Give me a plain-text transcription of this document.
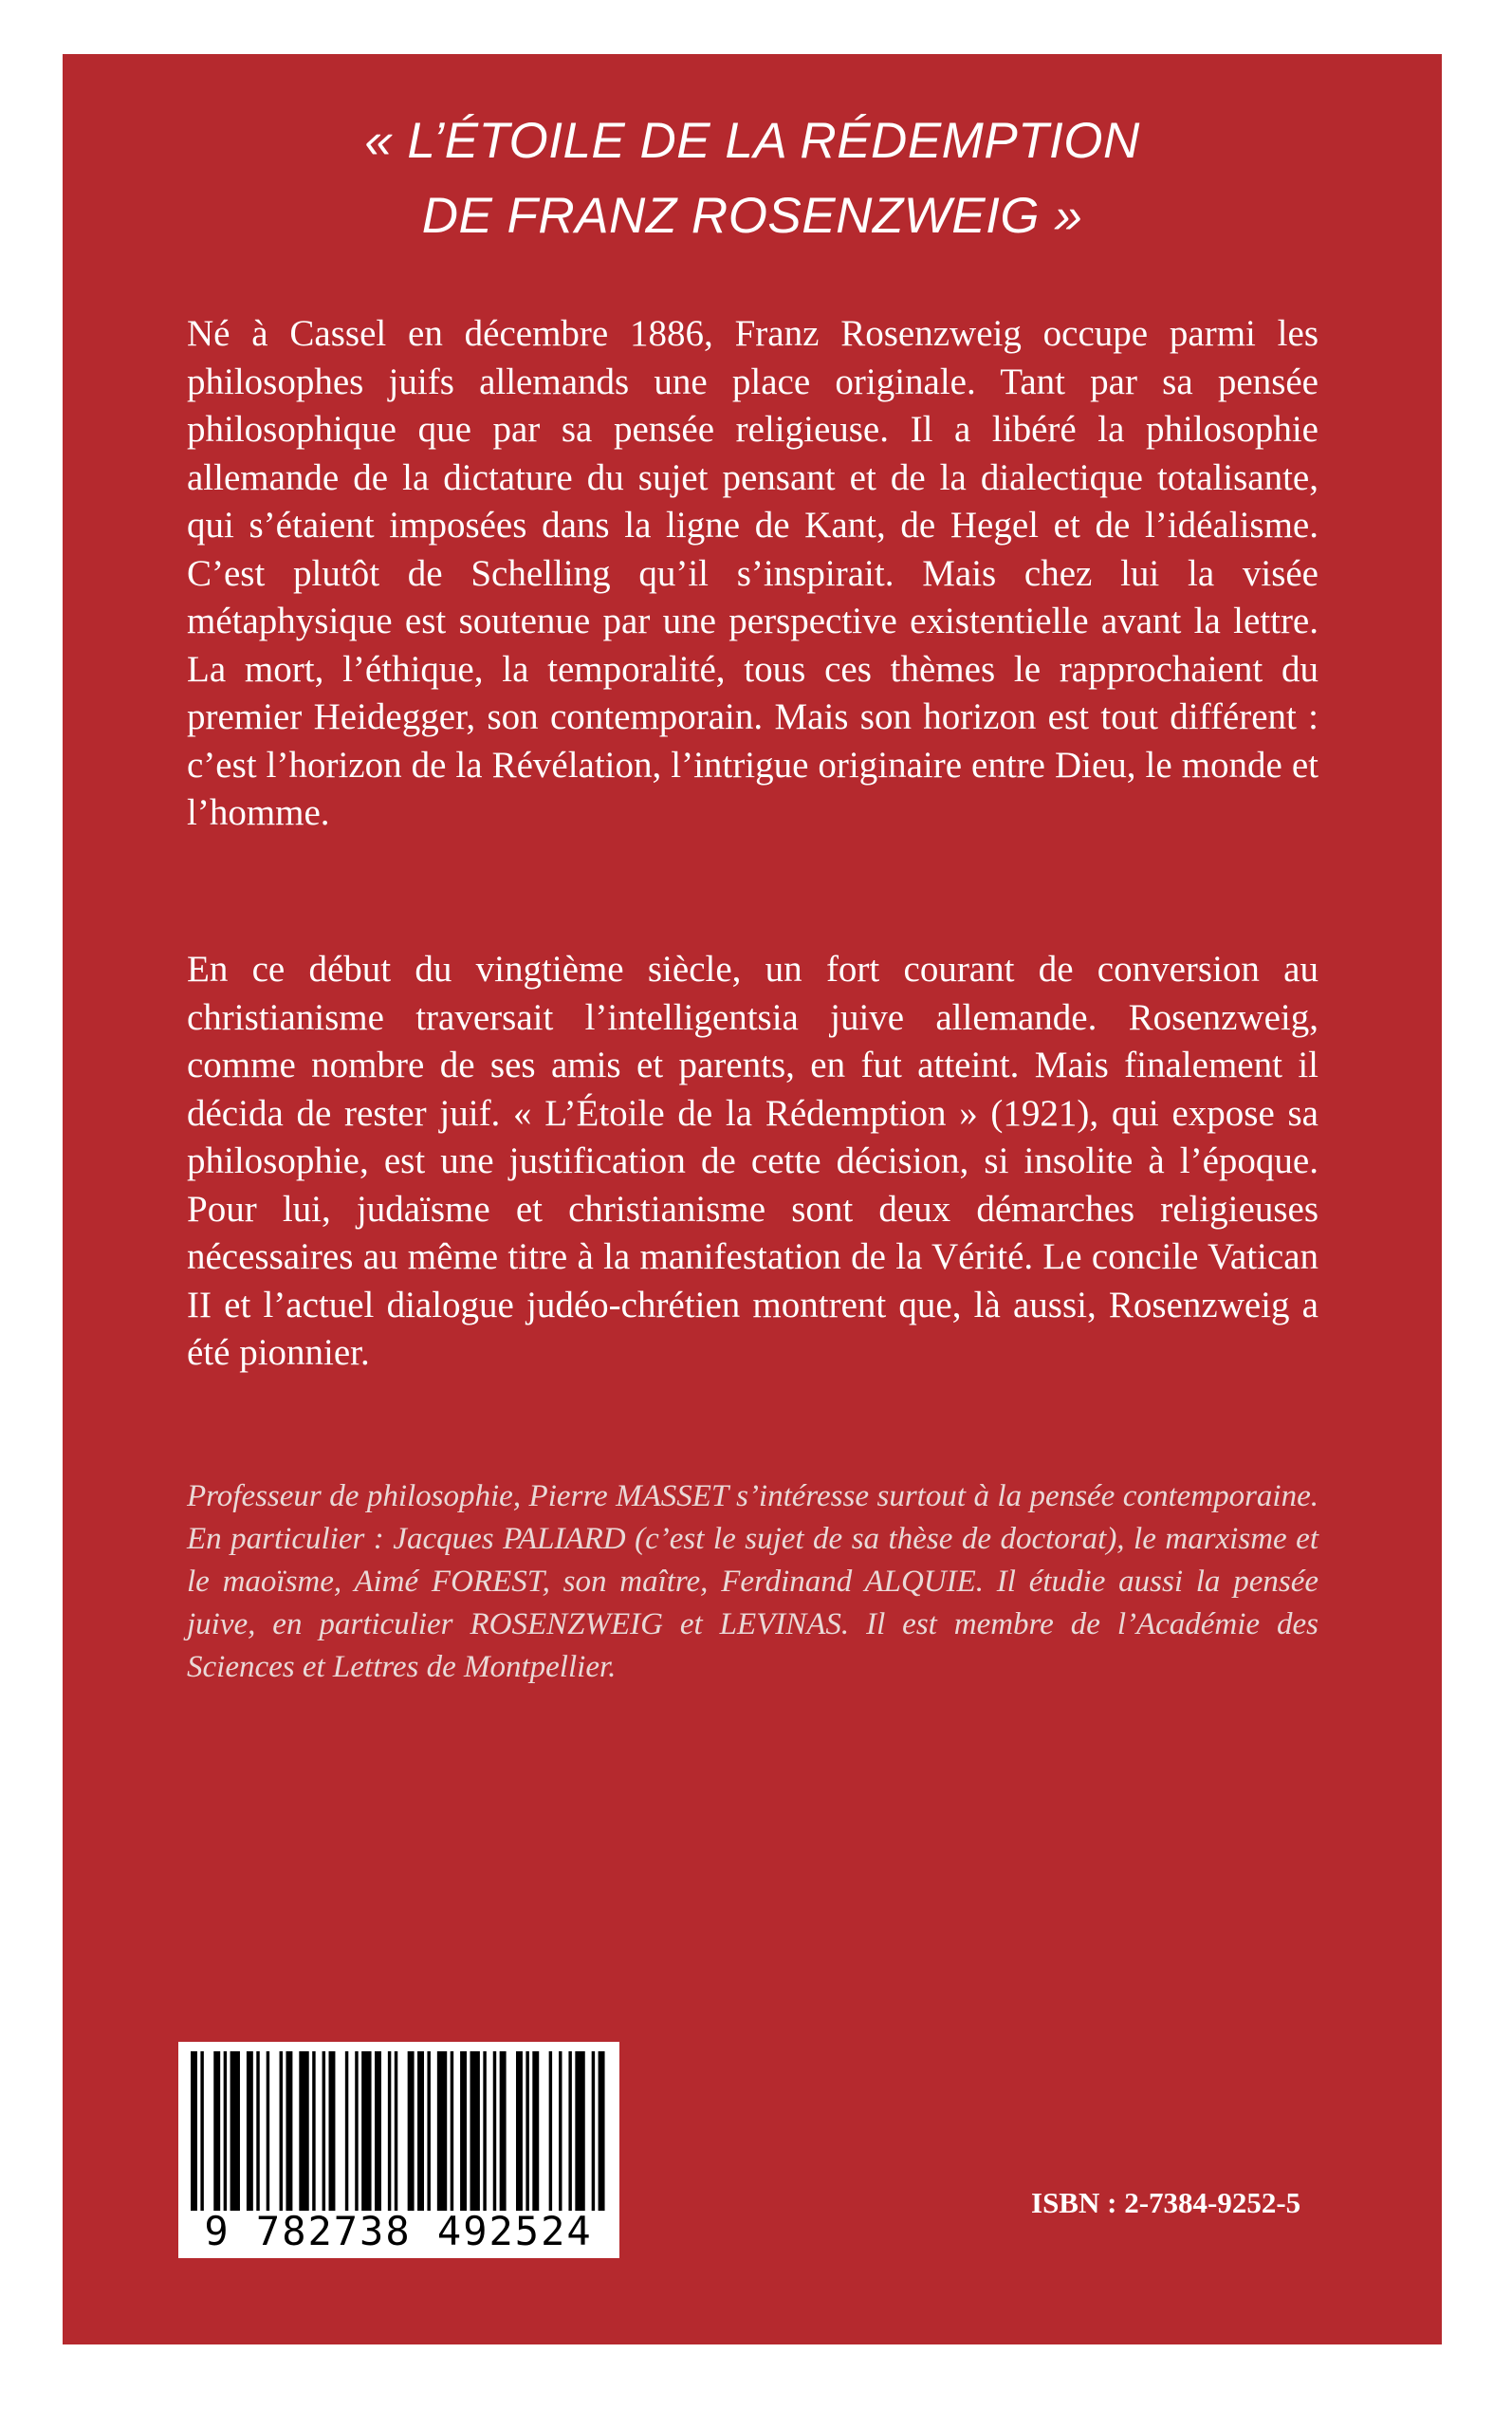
« L’ÉTOILE DE LA RÉDEMPTION
DE FRANZ ROSENZWEIG »

Né à Cassel en décembre 1886, Franz Rosenzweig occupe parmi les philosophes juifs allemands une place originale. Tant par sa pensée philosophique que par sa pensée religieuse. Il a libéré la philosophie allemande de la dictature du sujet pensant et de la dialectique totalisante, qui s’étaient imposées dans la ligne de Kant, de Hegel et de l’idéalisme. C’est plutôt de Schelling qu’il s’inspirait. Mais chez lui la visée métaphysique est soutenue par une perspective existentielle avant la lettre. La mort, l’éthique, la temporalité, tous ces thèmes le rapprochaient du premier Heidegger, son contemporain. Mais son horizon est tout différent : c’est l’horizon de la Révélation, l’intrigue originaire entre Dieu, le monde et l’homme.

En ce début du vingtième siècle, un fort courant de conversion au christianisme traversait l’intelligentsia juive allemande. Rosenzweig, comme nombre de ses amis et parents, en fut atteint. Mais finalement il décida de rester juif. « L’Étoile de la Rédemption » (1921), qui expose sa philosophie, est une justification de cette décision, si insolite à l’époque. Pour lui, judaïsme et christianisme sont deux démarches religieuses nécessaires au même titre à la manifestation de la Vérité. Le concile Vatican II et l’actuel dialogue judéo-chrétien montrent que, là aussi, Rosenzweig a été pionnier.

Professeur de philosophie, Pierre MASSET s’intéresse surtout à la pensée contemporaine. En particulier : Jacques PALIARD (c’est le sujet de sa thèse de doctorat), le marxisme et le maoïsme, Aimé FOREST, son maître, Ferdinand ALQUIE. Il étudie aussi la pensée juive, en particulier ROSENZWEIG et LEVINAS. Il est membre de l’Académie des Sciences et Lettres de Montpellier.
9 782738 492524
ISBN : 2-7384-9252-5
